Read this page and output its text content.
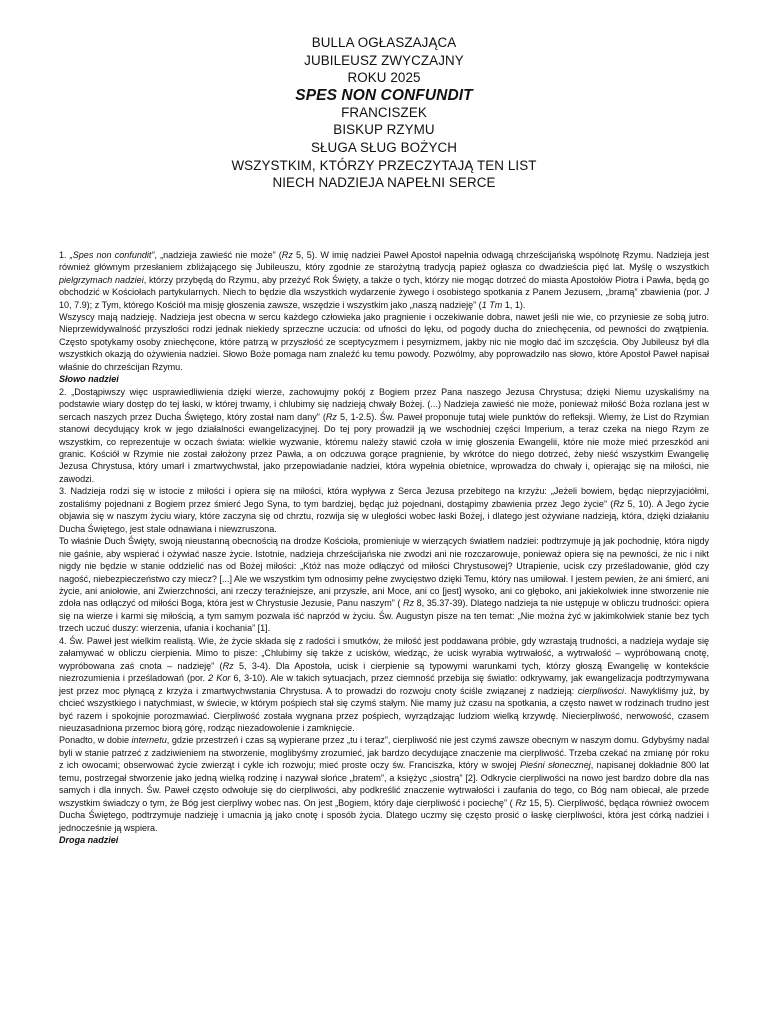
BULLA OGŁASZAJĄCA
JUBILEUSZ ZWYCZAJNY
ROKU 2025
SPES NON CONFUNDIT
FRANCISZEK
BISKUP RZYMU
SŁUGA SŁUG BOŻYCH
WSZYSTKIM, KTÓRZY PRZECZYTAJĄ TEN LIST
NIECH NADZIEJA NAPEŁNI SERCE

1. „Spes non confundit”, „nadzieja zawieść nie może” (Rz 5, 5). W imię nadziei Paweł Apostoł napełnia odwagą chrześcijańską wspólnotę Rzymu. Nadzieja jest również głównym przesłaniem zbliżającego się Jubileuszu, który zgodnie ze starożytną tradycją papież ogłasza co dwadzieścia pięć lat. Myślę o wszystkich pielgrzymach nadziei, którzy przybędą do Rzymu, aby przeżyć Rok Święty, a także o tych, którzy nie mogąc dotrzeć do miasta Apostołów Piotra i Pawła, będą go obchodzić w Kościołach partykularnych. Niech to będzie dla wszystkich wydarzenie żywego i osobistego spotkania z Panem Jezusem, „bramą” zbawienia (por. J 10, 7.9); z Tym, którego Kościół ma misję głoszenia zawsze, wszędzie i wszystkim jako „naszą nadzieję” (1 Tm 1, 1).

Wszyscy mają nadzieję. Nadzieja jest obecna w sercu każdego człowieka jako pragnienie i oczekiwanie dobra, nawet jeśli nie wie, co przyniesie ze sobą jutro. Nieprzewidywalność przyszłości rodzi jednak niekiedy sprzeczne uczucia: od ufności do lęku, od pogody ducha do zniechęcenia, od pewności do zwątpienia. Często spotykamy osoby zniechęcone, które patrzą w przyszłość ze sceptycyzmem i pesymizmem, jakby nic nie mogło dać im szczęścia. Oby Jubileusz był dla wszystkich okazją do ożywienia nadziei. Słowo Boże pomaga nam znaleźć ku temu powody. Pozwólmy, aby poprowadziło nas słowo, które Apostoł Paweł napisał właśnie do chrześcijan Rzymu.

Słowo nadziei

2. „Dostąpiwszy więc usprawiedliwienia dzięki wierze, zachowujmy pokój z Bogiem przez Pana naszego Jezusa Chrystusa; dzięki Niemu uzyskaliśmy na podstawie wiary dostęp do tej łaski, w której trwamy, i chlubimy się nadzieją chwały Bożej. (...) Nadzieja zawieść nie może, ponieważ miłość Boża rozlana jest w sercach naszych przez Ducha Świętego, który został nam dany” (Rz 5, 1-2.5). Św. Paweł proponuje tutaj wiele punktów do refleksji. Wiemy, że List do Rzymian stanowi decydujący krok w jego działalności ewangelizacyjnej. Do tej pory prowadził ją we wschodniej części Imperium, a teraz czeka na niego Rzym ze wszystkim, co reprezentuje w oczach świata: wielkie wyzwanie, któremu należy stawić czoła w imię głoszenia Ewangelii, które nie może mieć przeszkód ani granic. Kościół w Rzymie nie został założony przez Pawła, a on odczuwa gorące pragnienie, by wkrótce do niego dotrzeć, żeby nieść wszystkim Ewangelię Jezusa Chrystusa, który umarł i zmartwychwstał, jako przepowiadanie nadziei, która wypełnia obietnice, wprowadza do chwały i, opierając się na miłości, nie zawodzi.

3. Nadzieja rodzi się w istocie z miłości i opiera się na miłości, która wypływa z Serca Jezusa przebitego na krzyżu: „Jeżeli bowiem, będąc nieprzyjaciółmi, zostaliśmy pojednani z Bogiem przez śmierć Jego Syna, to tym bardziej, będąc już pojednani, dostąpimy zbawienia przez Jego życie” (Rz 5, 10). A Jego życie objawia się w naszym życiu wiary, które zaczyna się od chrztu, rozwija się w uległości wobec łaski Bożej, i dlatego jest ożywiane nadzieją, która, dzięki działaniu Ducha Świętego, jest stale odnawiana i niewzruszona.

To właśnie Duch Święty, swoją nieustanną obecnością na drodze Kościoła, promieniuje w wierzących światłem nadziei: podtrzymuje ją jak pochodnię, która nigdy nie gaśnie, aby wspierać i ożywiać nasze życie. Istotnie, nadzieja chrześcijańska nie zwodzi ani nie rozczarowuje, ponieważ opiera się na pewności, że nic i nikt nigdy nie będzie w stanie oddzielić nas od Bożej miłości: „Któż nas może odłączyć od miłości Chrystusowej? Utrapienie, ucisk czy prześladowanie, głód czy nagość, niebezpieczeństwo czy miecz? [...] Ale we wszystkim tym odnosimy pełne zwycięstwo dzięki Temu, który nas umiłował. I jestem pewien, że ani śmierć, ani życie, ani aniołowie, ani Zwierzchności, ani rzeczy teraźniejsze, ani przyszłe, ani Moce, ani co [jest] wysoko, ani co głęboko, ani jakiekolwiek inne stworzenie nie zdoła nas odłączyć od miłości Boga, która jest w Chrystusie Jezusie, Panu naszym” ( Rz 8, 35.37-39). Dlatego nadzieja ta nie ustępuje w obliczu trudności: opiera się na wierze i karmi się miłością, a tym samym pozwala iść naprzód w życiu. Św. Augustyn pisze na ten temat: „Nie można żyć w jakimkolwiek stanie bez tych trzech uczuć duszy: wierzenia, ufania i kochania” [1].

4. Św. Paweł jest wielkim realistą. Wie, że życie składa się z radości i smutków, że miłość jest poddawana próbie, gdy wzrastają trudności, a nadzieja wydaje się załamywać w obliczu cierpienia. Mimo to pisze: „Chlubimy się także z ucisków, wiedząc, że ucisk wyrabia wytrwałość, a wytrwałość – wypróbowaną cnotę, wypróbowana zaś cnota – nadzieję” (Rz 5, 3-4). Dla Apostoła, ucisk i cierpienie są typowymi warunkami tych, którzy głoszą Ewangelię w kontekście niezrozumienia i prześladowań (por. 2 Kor 6, 3-10). Ale w takich sytuacjach, przez ciemność przebija się światło: odkrywamy, jak ewangelizacja podtrzymywana jest przez moc płynącą z krzyża i zmartwychwstania Chrystusa. A to prowadzi do rozwoju cnoty ściśle związanej z nadzieją: cierpliwości. Nawykliśmy już, by chcieć wszystkiego i natychmiast, w świecie, w którym pośpiech stał się czymś stałym. Nie mamy już czasu na spotkania, a często nawet w rodzinach trudno jest być razem i spokojnie porozmawiać. Cierpliwość została wygnana przez pośpiech, wyrządzając ludziom wielką krzywdę. Niecierpliwość, nerwowość, czasem nieuzasadniona przemoc biorą górę, rodząc niezadowolenie i zamknięcie.

Ponadto, w dobie internetu, gdzie przestrzeń i czas są wypierane przez „tu i teraz”, cierpliwość nie jest czymś zawsze obecnym w naszym domu. Gdybyśmy nadal byli w stanie patrzeć z zadziwieniem na stworzenie, moglibyśmy zrozumieć, jak bardzo decydujące znaczenie ma cierpliwość. Trzeba czekać na zmianę pór roku z ich owocami; obserwować życie zwierząt i cykle ich rozwoju; mieć proste oczy św. Franciszka, który w swojej Pieśni słonecznej, napisanej dokładnie 800 lat temu, postrzegał stworzenie jako jedną wielką rodzinę i nazywał słońce „bratem”, a księżyc „siostrą” [2]. Odkrycie cierpliwości na nowo jest bardzo dobre dla nas samych i dla innych. Św. Paweł często odwołuje się do cierpliwości, aby podkreślić znaczenie wytrwałości i zaufania do tego, co Bóg nam obiecał, ale przede wszystkim świadczy o tym, że Bóg jest cierpliwy wobec nas. On jest „Bogiem, który daje cierpliwość i pociechę” ( Rz 15, 5). Cierpliwość, będąca również owocem Ducha Świętego, podtrzymuje nadzieję i umacnia ją jako cnotę i sposób życia. Dlatego uczmy się często prosić o łaskę cierpliwości, która jest córką nadziei i jednocześnie ją wspiera.

Droga nadziei
